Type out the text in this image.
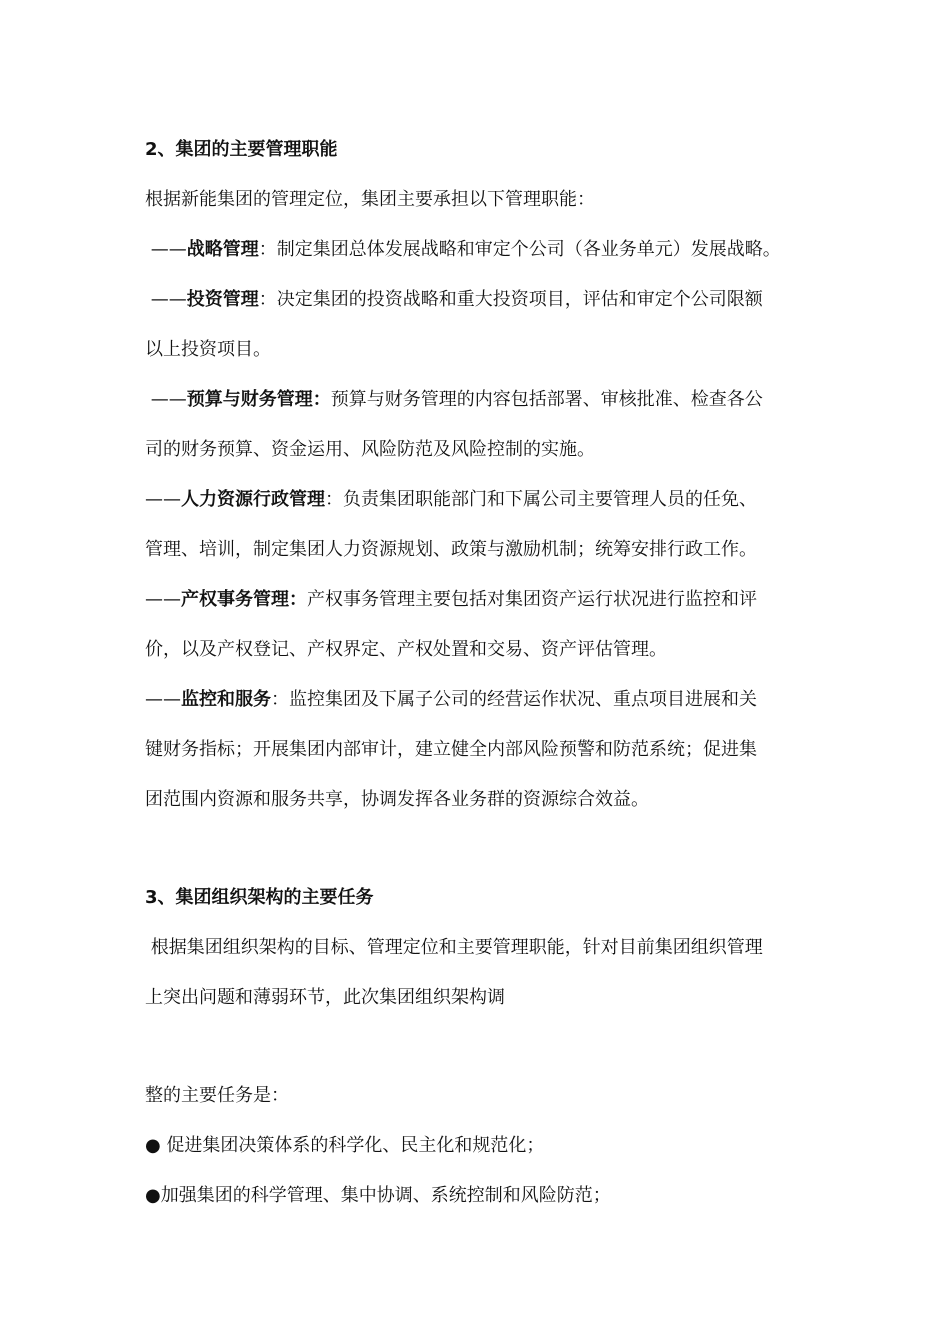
2、集团的主要管理职能
根据新能集团的管理定位，集团主要承担以下管理职能：
——战略管理：制定集团总体发展战略和审定个公司（各业务单元）发展战略。
——投资管理：决定集团的投资战略和重大投资项目，评估和审定个公司限额
以上投资项目。
——预算与财务管理：预算与财务管理的内容包括部署、审核批准、检查各公
司的财务预算、资金运用、风险防范及风险控制的实施。
——人力资源行政管理：负责集团职能部门和下属公司主要管理人员的任免、
管理、培训，制定集团人力资源规划、政策与激励机制；统筹安排行政工作。
——产权事务管理：产权事务管理主要包括对集团资产运行状况进行监控和评
价，以及产权登记、产权界定、产权处置和交易、资产评估管理。
——监控和服务：监控集团及下属子公司的经营运作状况、重点项目进展和关
键财务指标；开展集团内部审计，建立健全内部风险预警和防范系统；促进集
团范围内资源和服务共享，协调发挥各业务群的资源综合效益。
3、集团组织架构的主要任务
根据集团组织架构的目标、管理定位和主要管理职能，针对目前集团组织管理
上突出问题和薄弱环节，此次集团组织架构调
整的主要任务是：
● 促进集团决策体系的科学化、民主化和规范化；
●加强集团的科学管理、集中协调、系统控制和风险防范；
